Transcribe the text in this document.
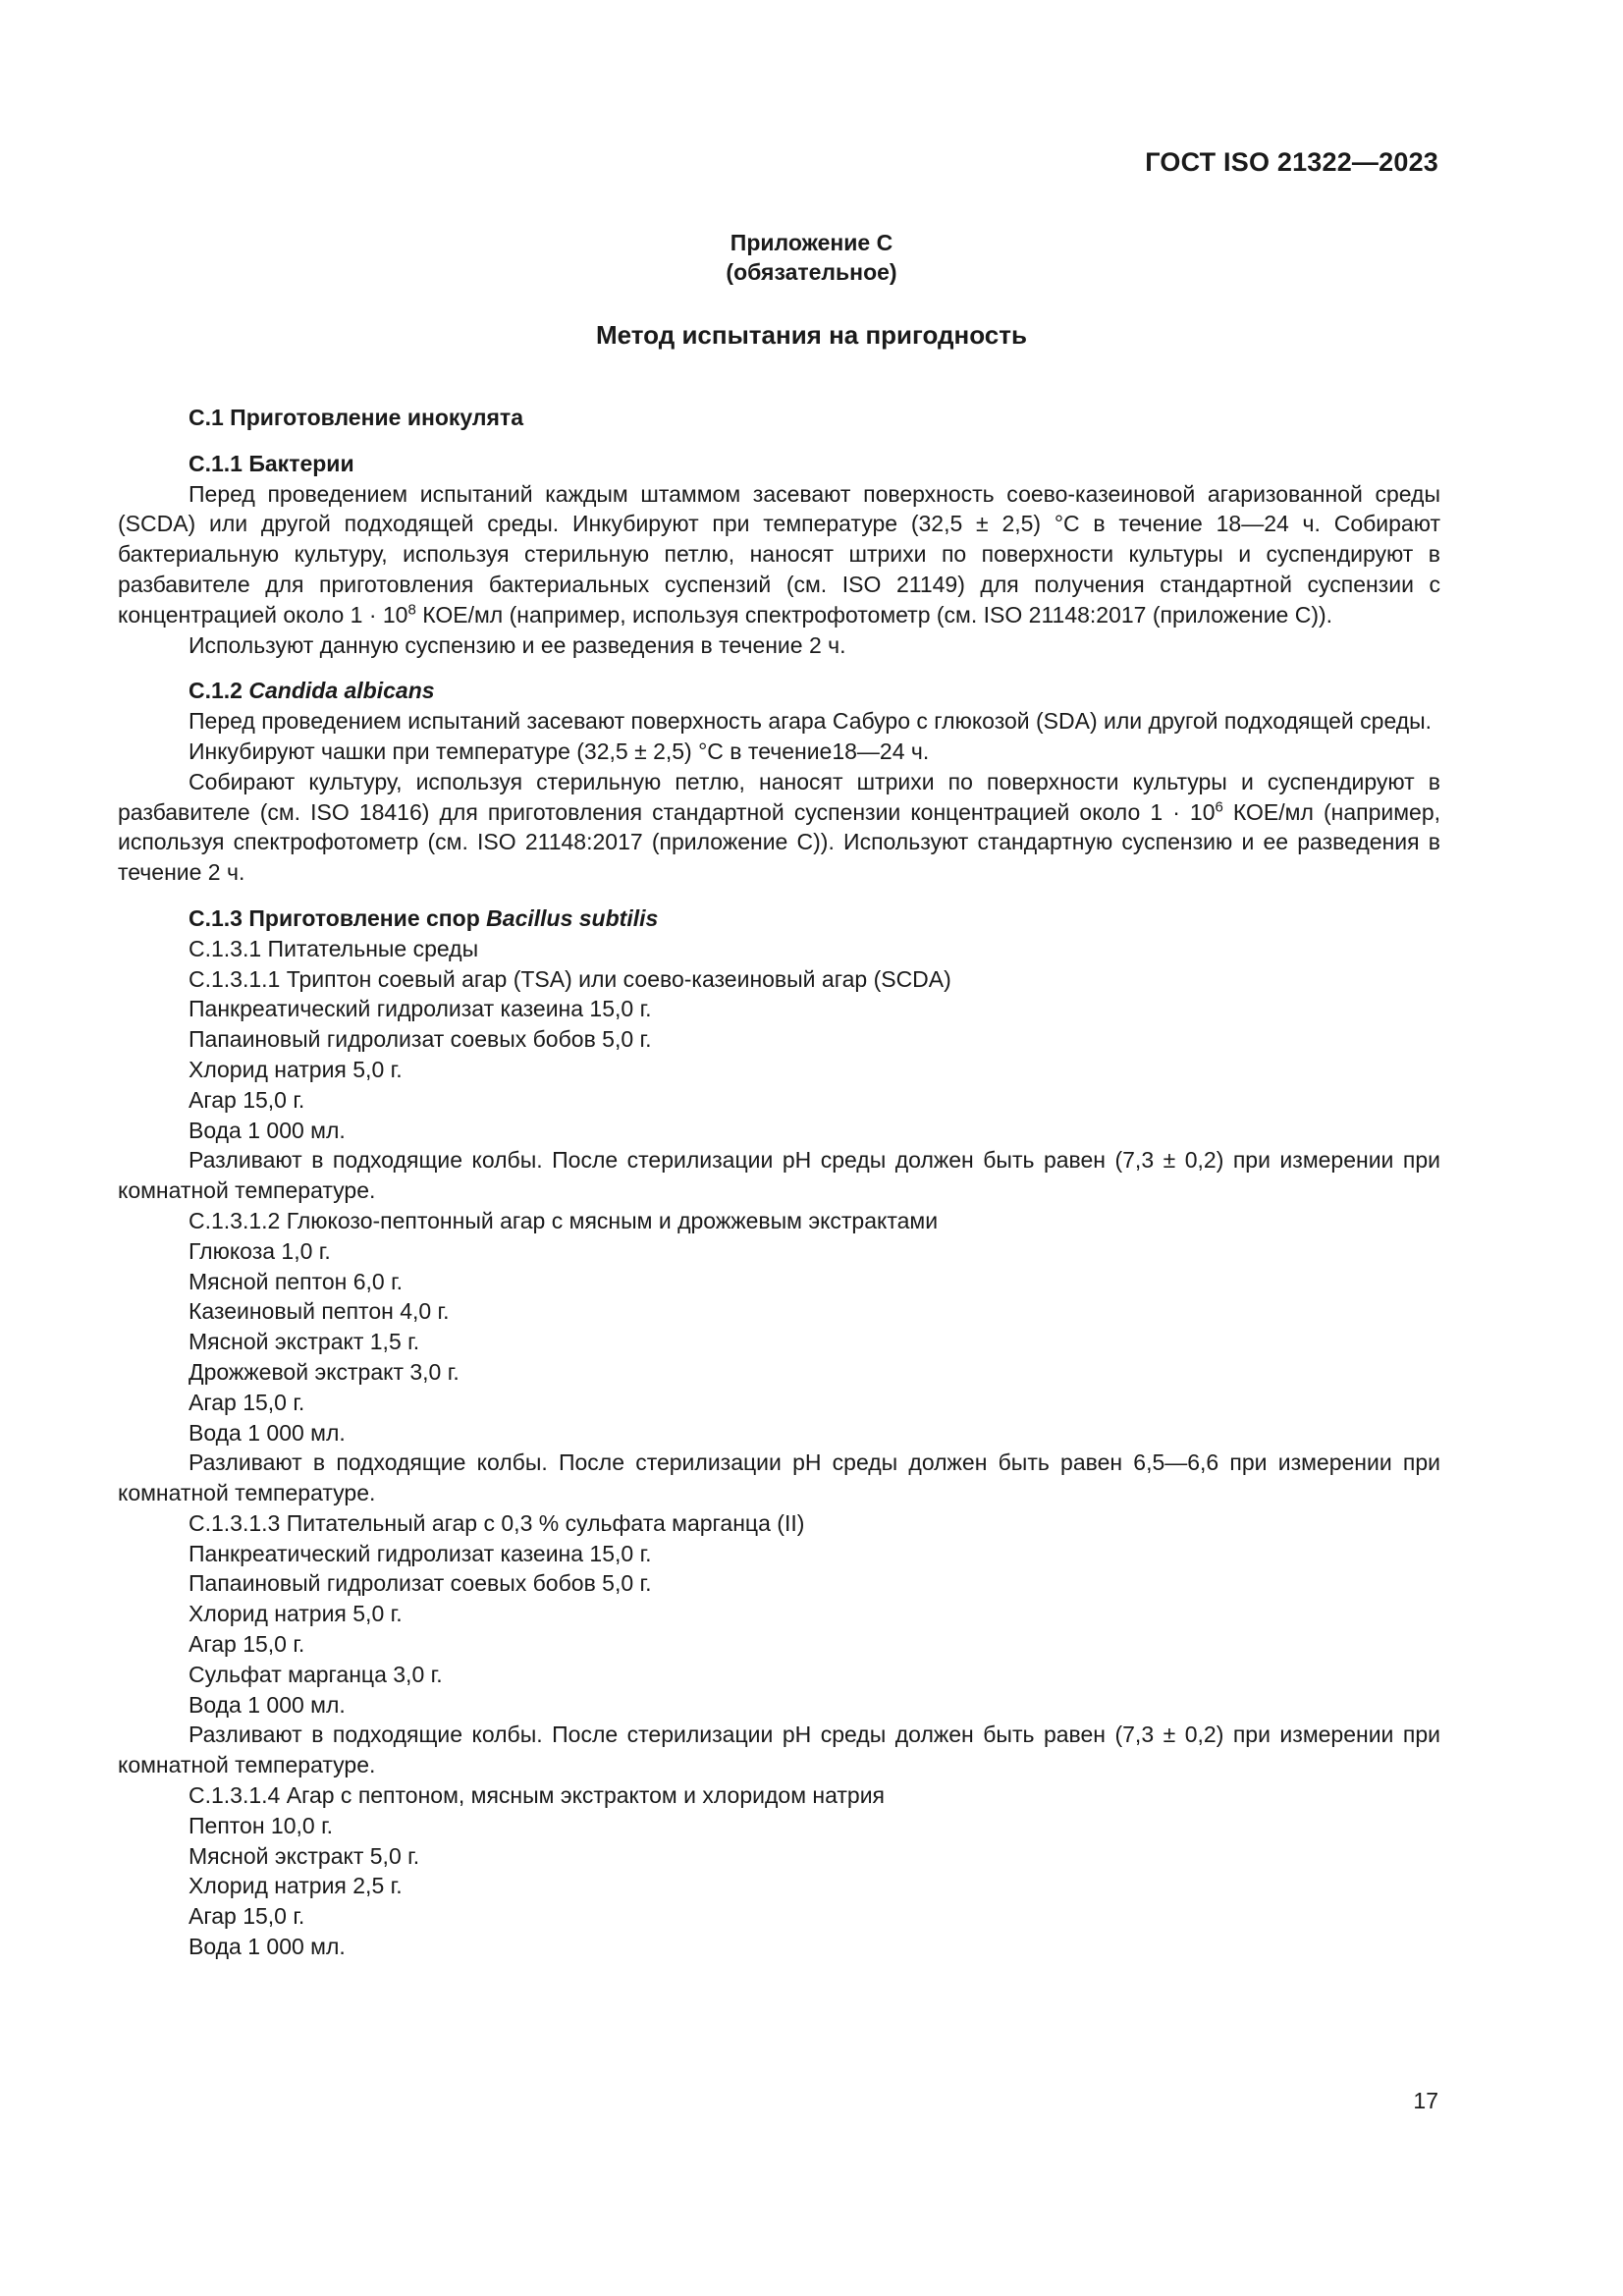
ГОСТ ISO 21322—2023
Приложение С
(обязательное)
Метод испытания на пригодность

С.1 Приготовление инокулята

С.1.1 Бактерии

Перед проведением испытаний каждым штаммом засевают поверхность соево-казеиновой агаризованной среды (SCDA) или другой подходящей среды. Инкубируют при температуре (32,5 ± 2,5) °С в течение 18—24 ч. Собирают бактериальную культуру, используя стерильную петлю, наносят штрихи по поверхности культуры и суспендируют в разбавителе для приготовления бактериальных суспензий (см. ISO 21149) для получения стандартной суспензии с концентрацией около $1 \cdot 10^8$ КОЕ/мл (например, используя спектрофотометр (см. ISO 21148:2017 (приложение С)).

Используют данную суспензию и ее разведения в течение 2 ч.

С.1.2 Candida albicans

Перед проведением испытаний засевают поверхность агара Сабуро с глюкозой (SDA) или другой подходящей среды.

Инкубируют чашки при температуре (32,5 ± 2,5) °С в течение18—24 ч.

Собирают культуру, используя стерильную петлю, наносят штрихи по поверхности культуры и суспендируют в разбавителе (см. ISO 18416) для приготовления стандартной суспензии концентрацией около $1 \cdot 10^6$ КОЕ/мл (например, используя спектрофотометр (см. ISO 21148:2017 (приложение С)). Используют стандартную суспензию и ее разведения в течение 2 ч.

С.1.3 Приготовление спор Bacillus subtilis

С.1.3.1 Питательные среды

С.1.3.1.1 Триптон соевый агар (TSA) или соево-казеиновый агар (SCDA)

Панкреатический гидролизат казеина 15,0 г.

Папаиновый гидролизат соевых бобов 5,0 г.

Хлорид натрия 5,0 г.

Агар 15,0 г.

Вода 1 000 мл.

Разливают в подходящие колбы. После стерилизации pH среды должен быть равен (7,3 ± 0,2) при измерении при комнатной температуре.

С.1.3.1.2 Глюкозо-пептонный агар с мясным и дрожжевым экстрактами

Глюкоза 1,0 г.

Мясной пептон 6,0 г.

Казеиновый пептон 4,0 г.

Мясной экстракт 1,5 г.

Дрожжевой экстракт 3,0 г.

Агар 15,0 г.

Вода 1 000 мл.

Разливают в подходящие колбы. После стерилизации pH среды должен быть равен 6,5—6,6 при измерении при комнатной температуре.

С.1.3.1.3 Питательный агар с 0,3 % сульфата марганца (II)

Панкреатический гидролизат казеина 15,0 г.

Папаиновый гидролизат соевых бобов 5,0 г.

Хлорид натрия 5,0 г.

Агар 15,0 г.

Сульфат марганца 3,0 г.

Вода 1 000 мл.

Разливают в подходящие колбы. После стерилизации pH среды должен быть равен (7,3 ± 0,2) при измерении при комнатной температуре.

С.1.3.1.4 Агар с пептоном, мясным экстрактом и хлоридом натрия

Пептон 10,0 г.

Мясной экстракт 5,0 г.

Хлорид натрия 2,5 г.

Агар 15,0 г.

Вода 1 000 мл.

17
